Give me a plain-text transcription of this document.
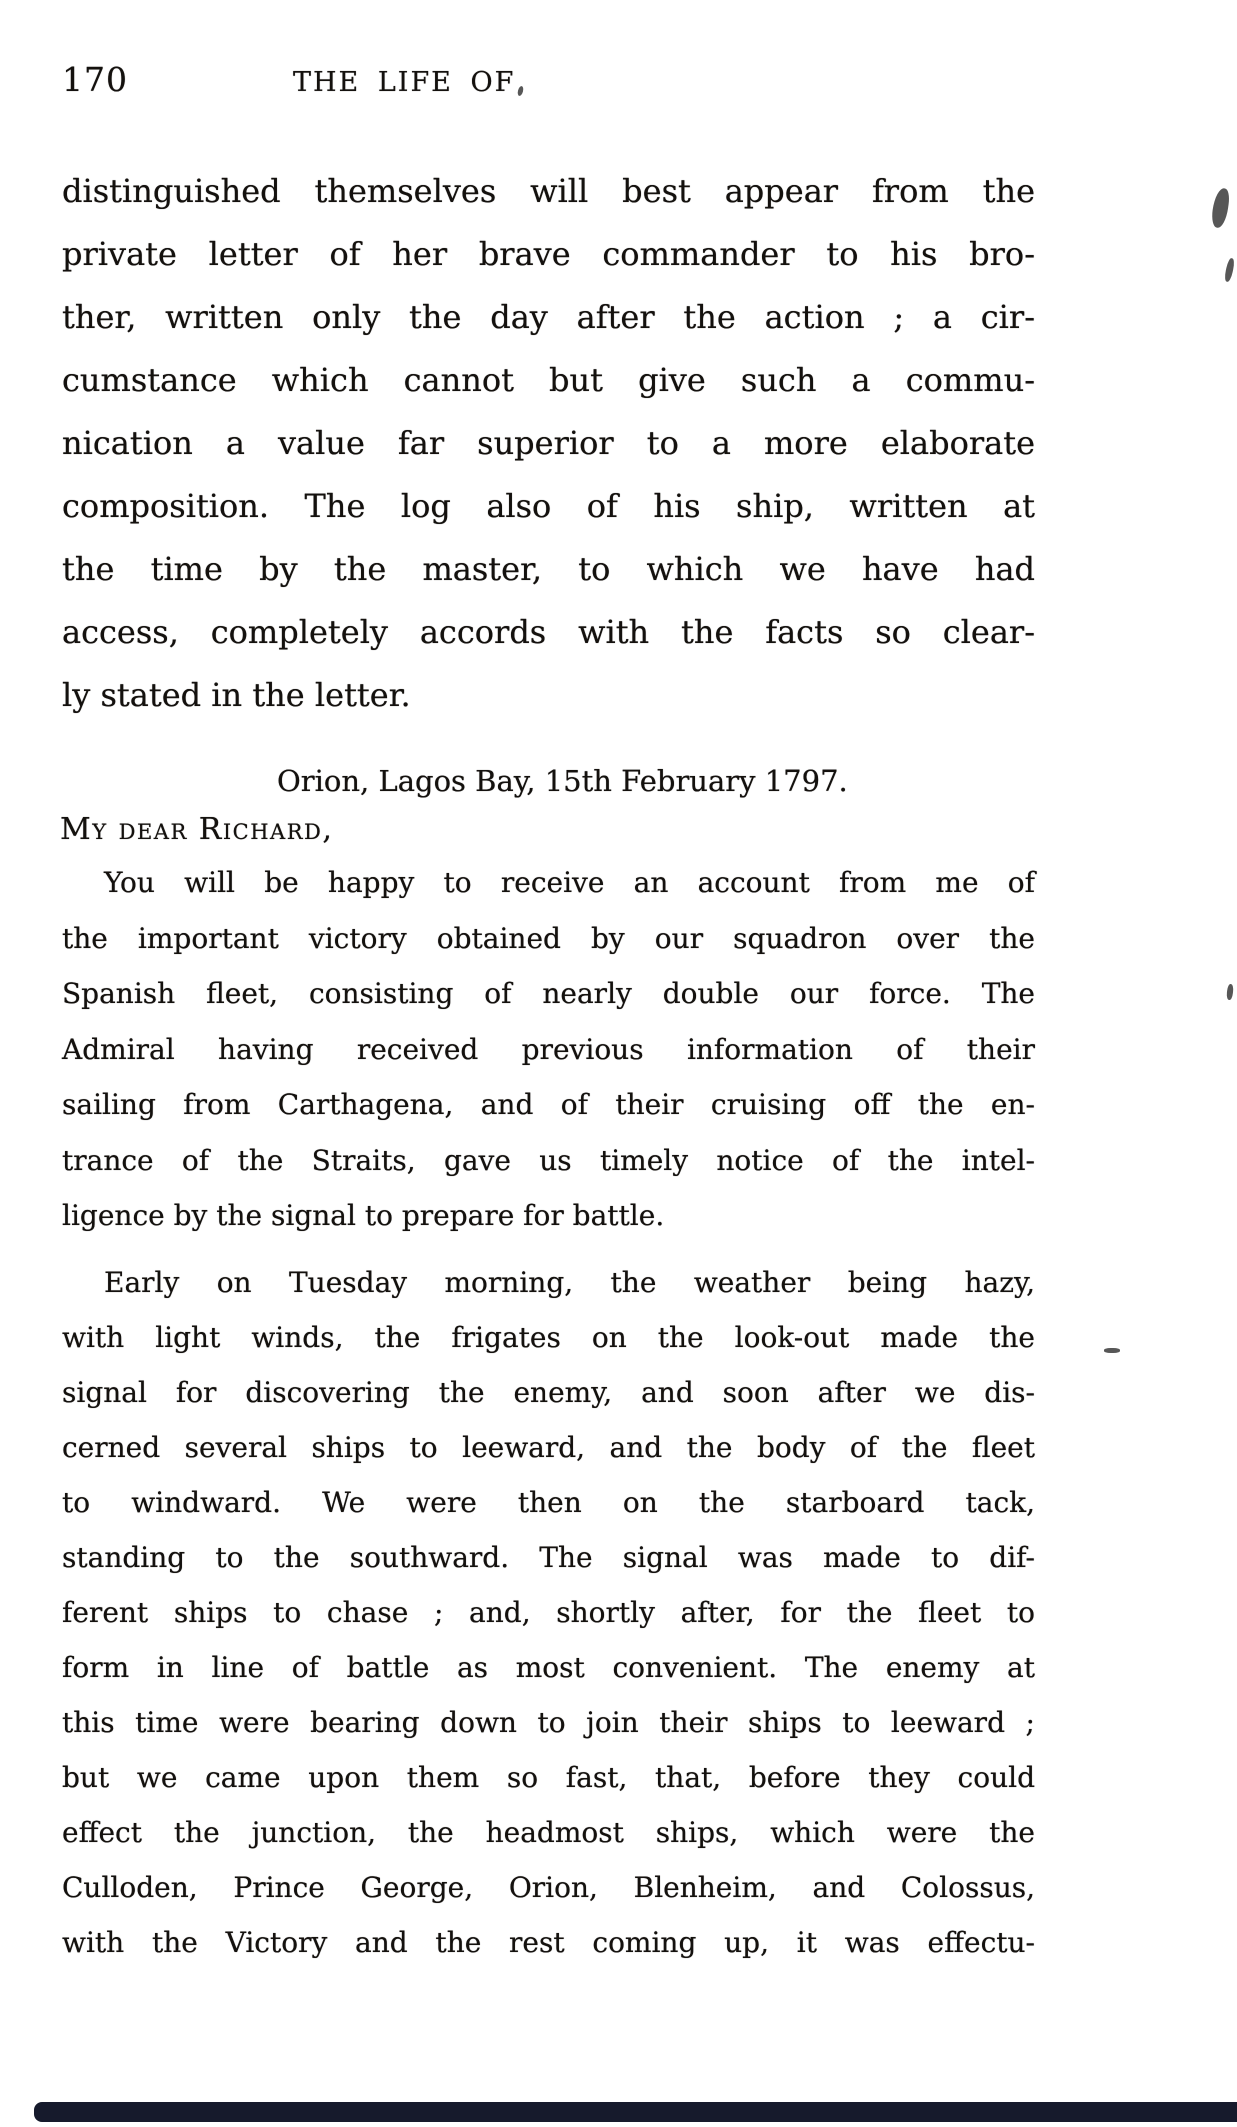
170	THE LIFE OF
distinguished themselves will best appear from the
private letter of her brave commander to his bro-
ther, written only the day after the action ; a cir-
cumstance which cannot but give such a commu-
nication a value far superior to a more elaborate
composition. The log also of his ship, written at
the time by the master, to which we have had
access, completely accords with the facts so clear-
ly stated in the letter.
Orion, Lagos Bay, 15th February 1797.
My dear Richard,
You will be happy to receive an account from me of
the important victory obtained by our squadron over the
Spanish fleet, consisting of nearly double our force. The
Admiral having received previous information of their
sailing from Carthagena, and of their cruising off the en-
trance of the Straits, gave us timely notice of the intel-
ligence by the signal to prepare for battle.
Early on Tuesday morning, the weather being hazy,
with light winds, the frigates on the look-out made the
signal for discovering the enemy, and soon after we dis-
cerned several ships to leeward, and the body of the fleet
to windward. We were then on the starboard tack,
standing to the southward. The signal was made to dif-
ferent ships to chase ; and, shortly after, for the fleet to
form in line of battle as most convenient. The enemy at
this time were bearing down to join their ships to leeward ;
but we came upon them so fast, that, before they could
effect the junction, the headmost ships, which were the
Culloden, Prince George, Orion, Blenheim, and Colossus,
with the Victory and the rest coming up, it was effectu-
